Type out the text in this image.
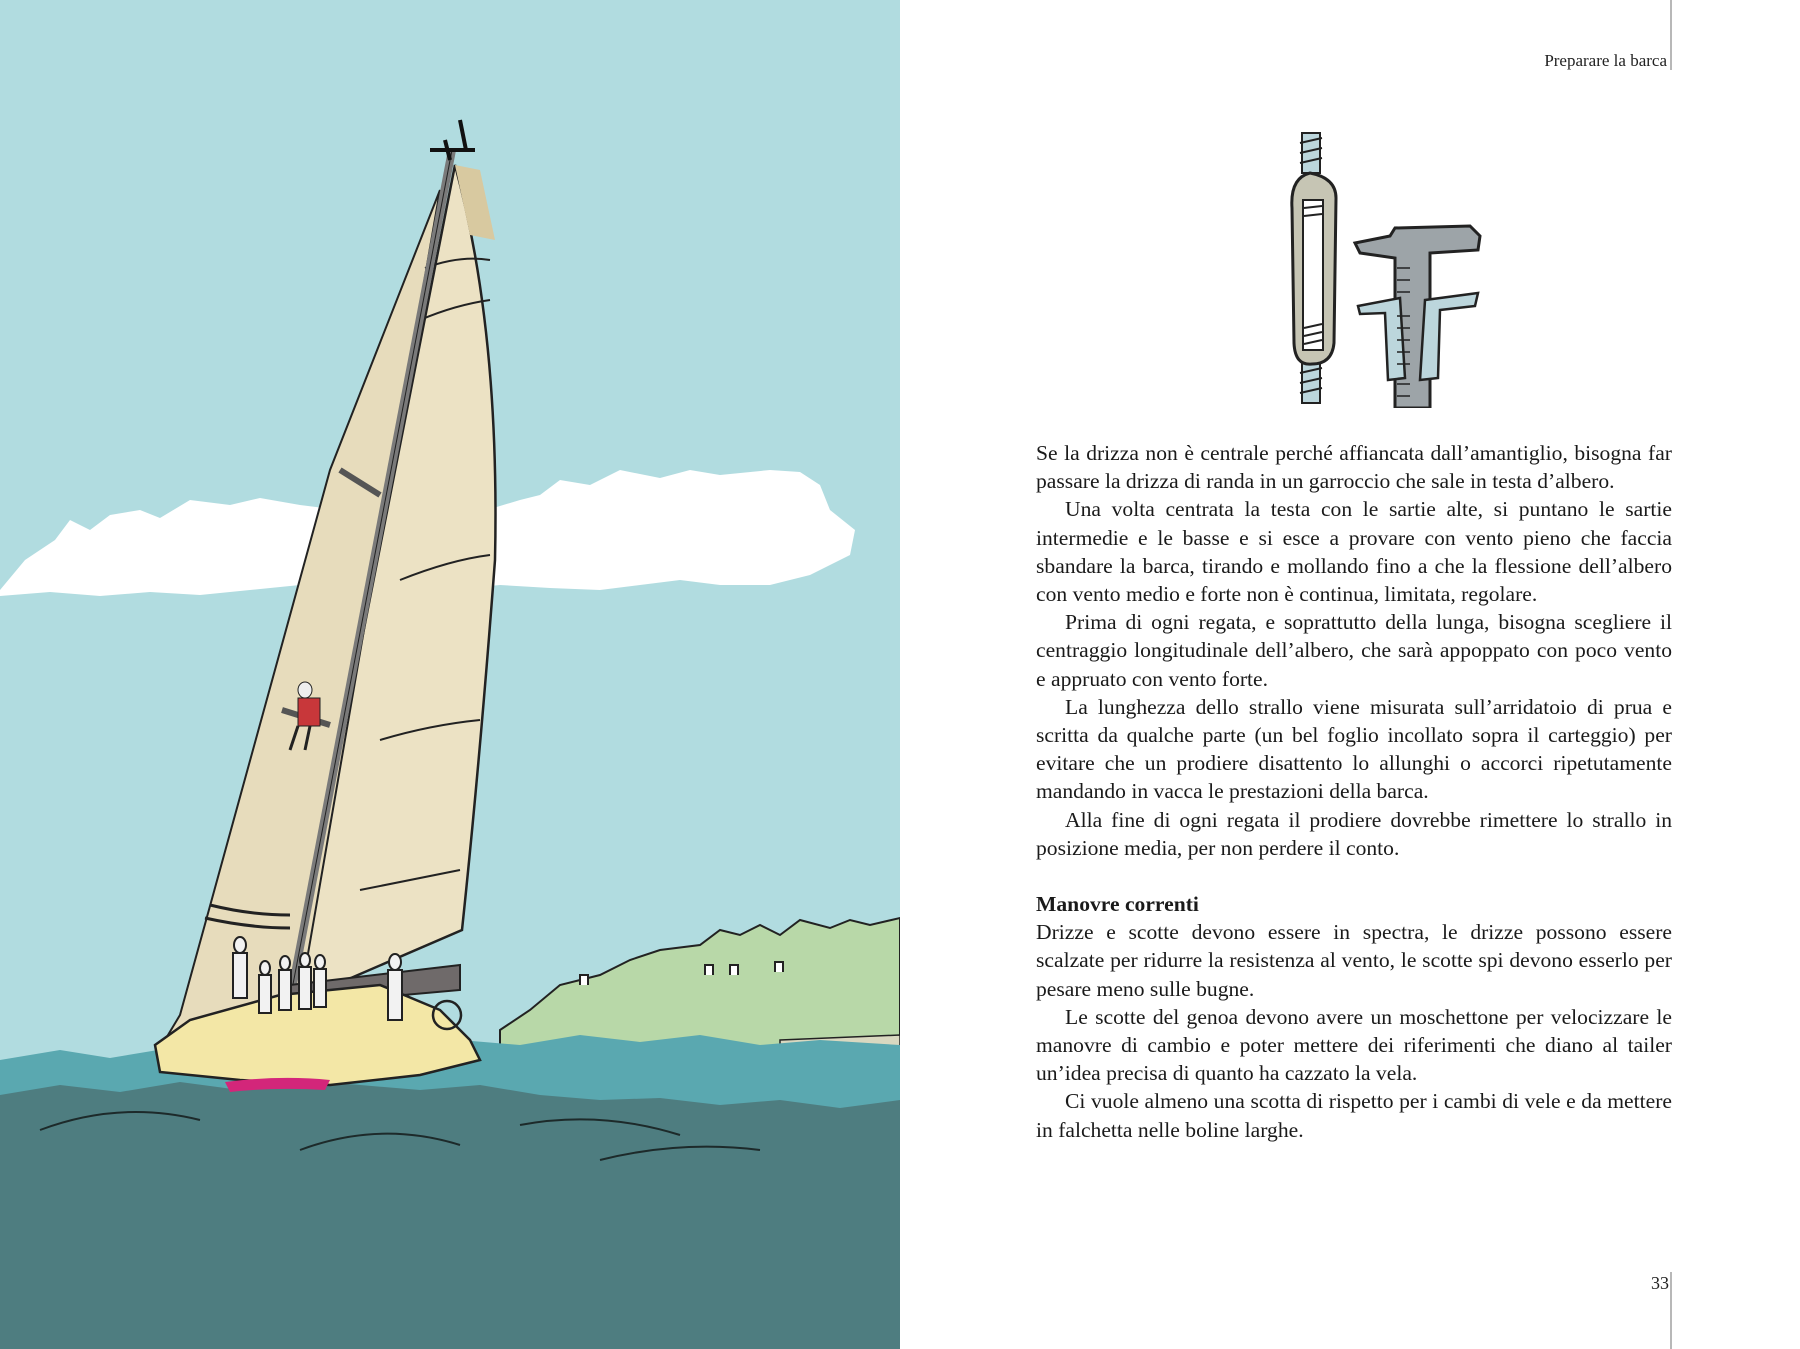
Preparare la barca

Se la drizza non è centrale perché affiancata dall’amantiglio, bisogna far passare la drizza di randa in un garroccio che sale in testa d’albero.

Una volta centrata la testa con le sartie alte, si puntano le sartie intermedie e le basse e si esce a provare con vento pieno che faccia sbandare la barca, tirando e mollando fino a che la flessione dell’albero con vento medio e forte non è continua, limitata, regolare.

Prima di ogni regata, e soprattutto della lunga, bisogna scegliere il centraggio longitudinale dell’albero, che sarà appoppato con poco vento e appruato con vento forte.

La lunghezza dello strallo viene misurata sull’arridatoio di prua e scritta da qualche parte (un bel foglio incollato sopra il carteggio) per evitare che un prodiere disattento lo allunghi o accorci ripetutamente mandando in vacca le prestazioni della barca.

Alla fine di ogni regata il prodiere dovrebbe rimettere lo strallo in posizione media, per non perdere il conto.

Manovre correnti

Drizze e scotte devono essere in spectra, le drizze possono essere scalzate per ridurre la resistenza al vento, le scotte spi devono esserlo per pesare meno sulle bugne.

Le scotte del genoa devono avere un moschettone per velocizzare le manovre di cambio e poter mettere dei riferimenti che diano al tailer un’idea precisa di quanto ha cazzato la vela.

Ci vuole almeno una scotta di rispetto per i cambi di vele e da mettere in falchetta nelle boline larghe.

33
